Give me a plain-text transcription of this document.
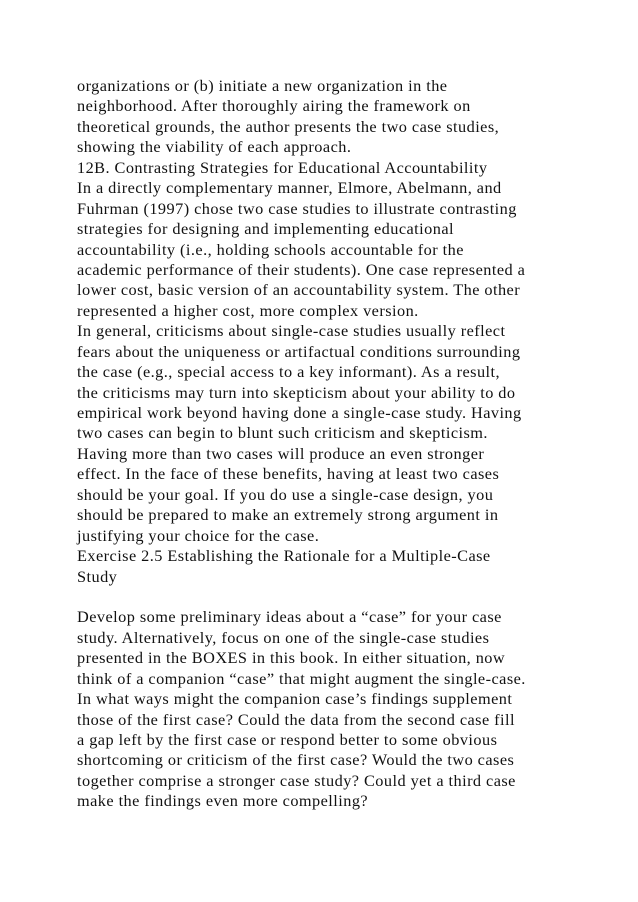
organizations or (b) initiate a new organization in the
neighborhood. After thoroughly airing the framework on
theoretical grounds, the author presents the two case studies,
showing the viability of each approach.
12B. Contrasting Strategies for Educational Accountability
In a directly complementary manner, Elmore, Abelmann, and
Fuhrman (1997) chose two case studies to illustrate contrasting
strategies for designing and implementing educational
accountability (i.e., holding schools accountable for the
academic performance of their students). One case represented a
lower cost, basic version of an accountability system. The other
represented a higher cost, more complex version.
In general, criticisms about single-case studies usually reflect
fears about the uniqueness or artifactual conditions surrounding
the case (e.g., special access to a key informant). As a result,
the criticisms may turn into skepticism about your ability to do
empirical work beyond having done a single-case study. Having
two cases can begin to blunt such criticism and skepticism.
Having more than two cases will produce an even stronger
effect. In the face of these benefits, having at least two cases
should be your goal. If you do use a single-case design, you
should be prepared to make an extremely strong argument in
justifying your choice for the case.
Exercise 2.5 Establishing the Rationale for a Multiple-Case
Study
Develop some preliminary ideas about a “case” for your case
study. Alternatively, focus on one of the single-case studies
presented in the BOXES in this book. In either situation, now
think of a companion “case” that might augment the single-case.
In what ways might the companion case’s findings supplement
those of the first case? Could the data from the second case fill
a gap left by the first case or respond better to some obvious
shortcoming or criticism of the first case? Would the two cases
together comprise a stronger case study? Could yet a third case
make the findings even more compelling?
